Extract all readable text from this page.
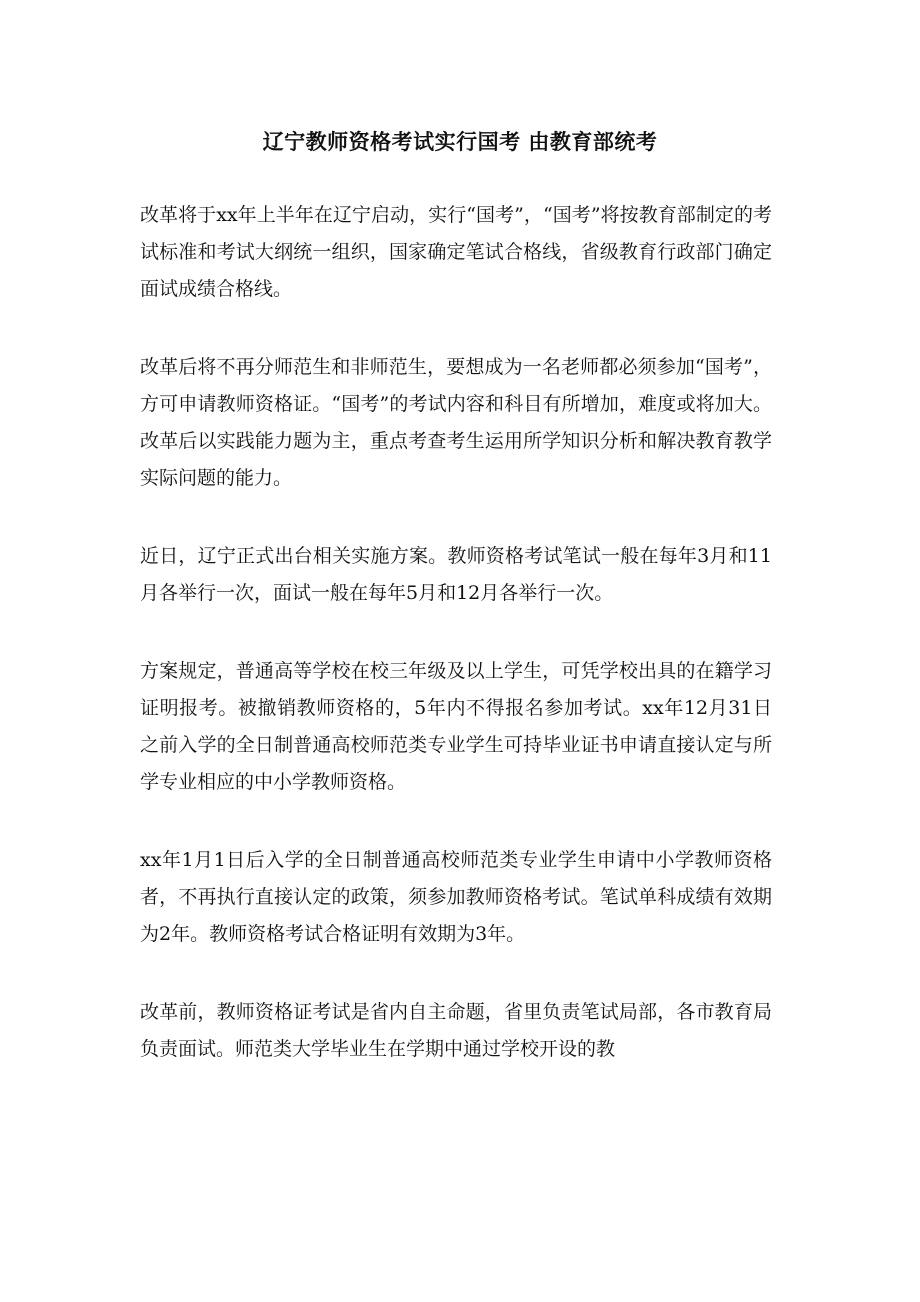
辽宁教师资格考试实行国考 由教育部统考

改革将于xx年上半年在辽宁启动，实行“国考”，“国考”将按教育部制定的考试标准和考试大纲统一组织，国家确定笔试合格线，省级教育行政部门确定面试成绩合格线。

改革后将不再分师范生和非师范生，要想成为一名老师都必须参加“国考”，方可申请教师资格证。“国考”的考试内容和科目有所增加，难度或将加大。改革后以实践能力题为主，重点考查考生运用所学知识分析和解决教育教学实际问题的能力。

近日，辽宁正式出台相关实施方案。教师资格考试笔试一般在每年3月和11月各举行一次，面试一般在每年5月和12月各举行一次。

方案规定，普通高等学校在校三年级及以上学生，可凭学校出具的在籍学习证明报考。被撤销教师资格的，5年内不得报名参加考试。xx年12月31日之前入学的全日制普通高校师范类专业学生可持毕业证书申请直接认定与所学专业相应的中小学教师资格。

xx年1月1日后入学的全日制普通高校师范类专业学生申请中小学教师资格者，不再执行直接认定的政策，须参加教师资格考试。笔试单科成绩有效期为2年。教师资格考试合格证明有效期为3年。

改革前，教师资格证考试是省内自主命题，省里负责笔试局部，各市教育局负责面试。师范类大学毕业生在学期中通过学校开设的教
